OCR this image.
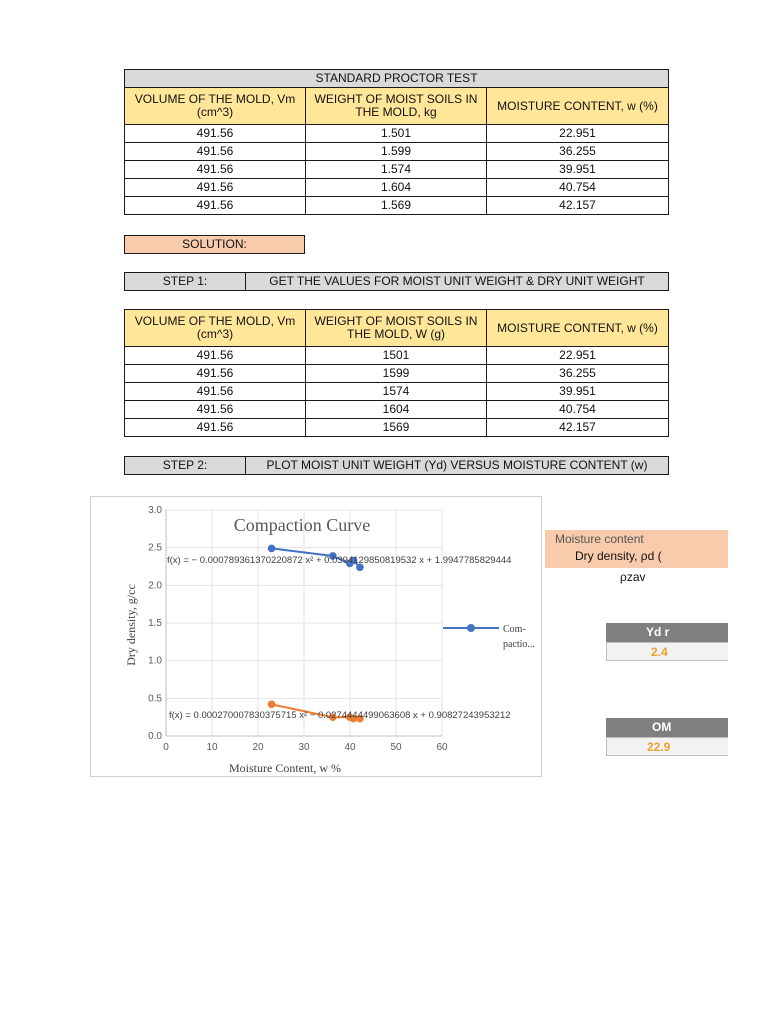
STANDARD PROCTOR TEST		
VOLUME OF THE MOLD, Vm (cm^3)	WEIGHT OF MOIST SOILS IN THE MOLD, kg	MOISTURE CONTENT, w (%)
491.56	1.501	22.951
491.56	1.599	36.255
491.56	1.574	39.951
491.56	1.604	40.754
491.56	1.569	42.157
SOLUTION:
STEP 1:	GET THE VALUES FOR MOIST UNIT WEIGHT & DRY UNIT WEIGHT
VOLUME OF THE MOLD, Vm (cm^3)	WEIGHT OF MOIST SOILS IN THE MOLD, W (g)	MOISTURE CONTENT, w (%)
491.56	1501	22.951
491.56	1599	36.255
491.56	1574	39.951
491.56	1604	40.754
491.56	1569	42.157
STEP 2:	PLOT MOIST UNIT WEIGHT (Yd) VERSUS MOISTURE CONTENT (w)
0.0
0.5
1.0
1.5
2.0
2.5
3.0
0	10	20	30	40	50	60
Compaction Curve
f(x) = − 0.000789361370220872 x² + 0.0394129850819532 x + 1.9947785829444
f(x) = 0.000270007830375715 x² − 0.0274444499063608 x + 0.90827243953212
Moisture Content, w %
Dry density, g/cc	Com-
pactio...
Moisture content
Dry density, ρd (
ρzav
Yd r
2.4
OM
22.9
